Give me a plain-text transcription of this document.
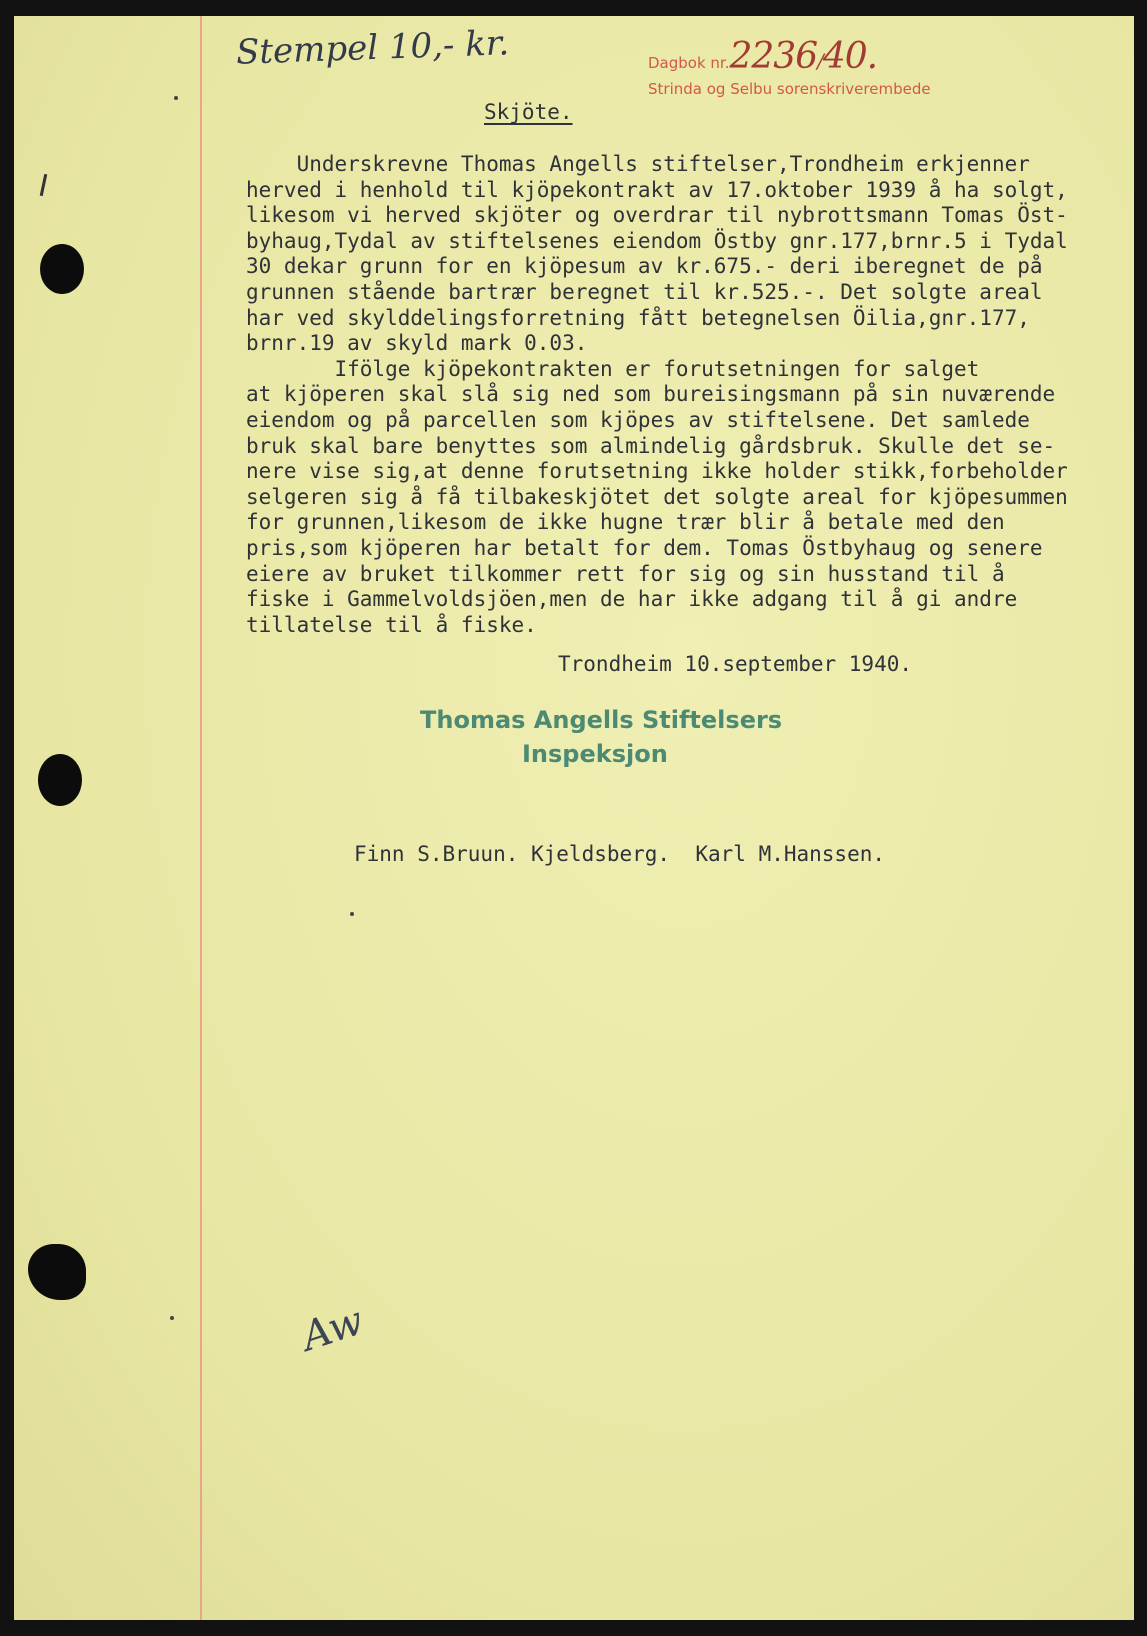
Stempel 10,- kr.	Dagbok nr.2236/40.
Strinda og Selbu sorenskriverembede
Skjöte.
Underskrevne Thomas Angells stiftelser,Trondheim erkjenner
herved i henhold til kjöpekontrakt av 17.oktober 1939 å ha solgt,
likesom vi herved skjöter og overdrar til nybrottsmann Tomas Öst-
byhaug,Tydal av stiftelsenes eiendom Östby gnr.177,brnr.5 i Tydal
30 dekar grunn for en kjöpesum av kr.675.- deri iberegnet de på
grunnen stående bartrær beregnet til kr.525.-. Det solgte areal
har ved skylddelingsforretning fått betegnelsen Öilia,gnr.177,
brnr.19 av skyld mark 0.03.
Ifölge kjöpekontrakten er forutsetningen for salget
at kjöperen skal slå sig ned som bureisingsmann på sin nuværende
eiendom og på parcellen som kjöpes av stiftelsene. Det samlede
bruk skal bare benyttes som almindelig gårdsbruk. Skulle det se-
nere vise sig,at denne forutsetning ikke holder stikk,forbeholder
selgeren sig å få tilbakeskjötet det solgte areal for kjöpesummen
for grunnen,likesom de ikke hugne trær blir å betale med den
pris,som kjöperen har betalt for dem. Tomas Östbyhaug og senere
eiere av bruket tilkommer rett for sig og sin husstand til å
fiske i Gammelvoldsjöen,men de har ikke adgang til å gi andre
tillatelse til å fiske.
Trondheim 10.september 1940.
Thomas Angells Stiftelsers
Inspeksjon
Finn S.Bruun. Kjeldsberg.  Karl M.Hanssen.
Aw
